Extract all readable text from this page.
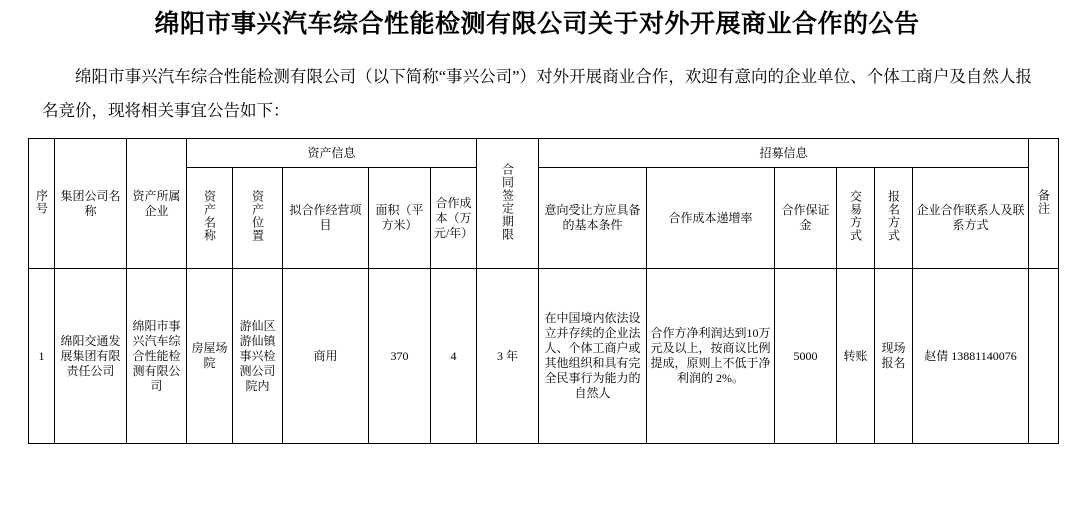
绵阳市事兴汽车综合性能检测有限公司关于对外开展商业合作的公告
绵阳市事兴汽车综合性能检测有限公司（以下简称“事兴公司”）对外开展商业合作，欢迎有意向的企业单位、个体工商户及自然人报名竞价，现将相关事宜公告如下：
序号	集团公司名称	资产所属企业	资产信息					合同签定期限	招募信息						备注
			资产名称	资产位置	拟合作经营项目	面积（平方米）	合作成本（万元/年）		意向受让方应具备的基本条件	合作成本递增率	合作保证金	交易方式	报名方式	企业合作联系人及联系方式	

1	绵阳交通发展集团有限责任公司	绵阳市事兴汽车综合性能检测有限公司	房屋场院	游仙区游仙镇事兴检测公司院内	商用	370	4	3 年	在中国境内依法设立并存续的企业法人、个体工商户或其他组织和具有完全民事行为能力的自然人	合作方净利润达到10万元及以上，按商议比例提成，原则上不低于净利润的 2%。	5000	转账	现场报名	赵倩 13881140076	
